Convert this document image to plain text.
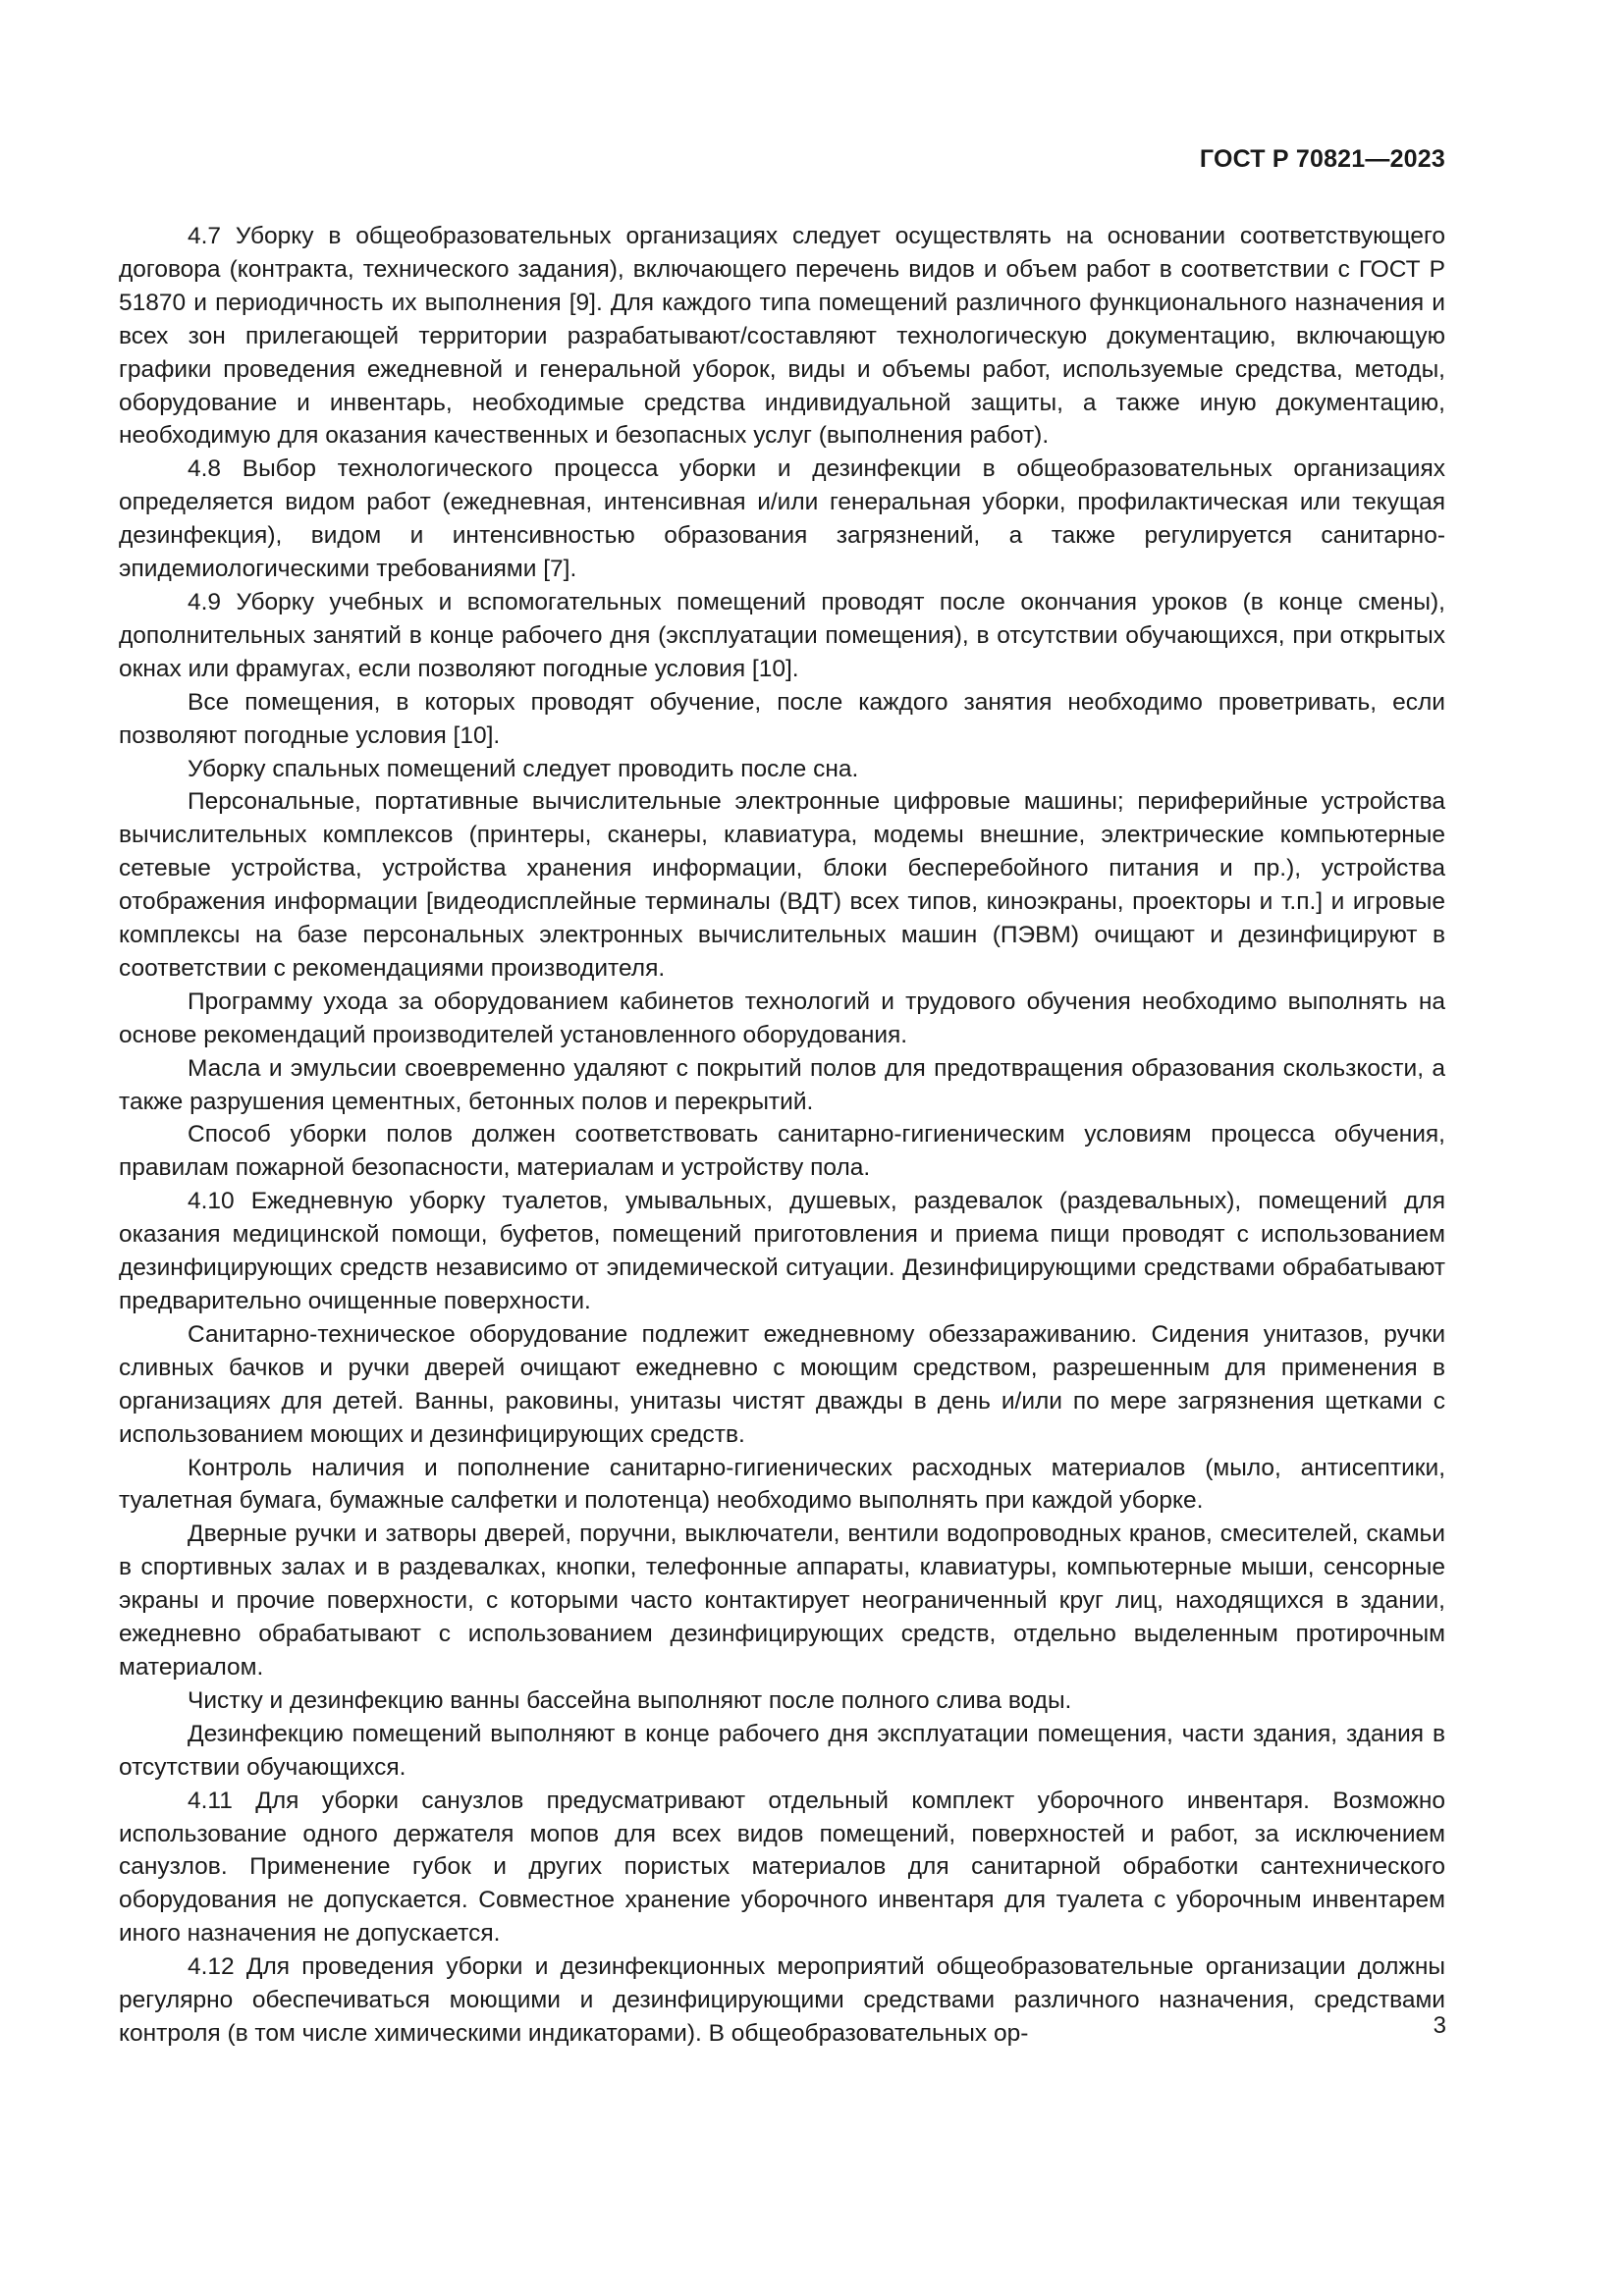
ГОСТ Р 70821—2023

4.7 Уборку в общеобразовательных организациях следует осуществлять на основании соответствующего договора (контракта, технического задания), включающего перечень видов и объем работ в соответствии с ГОСТ Р 51870 и периодичность их выполнения [9]. Для каждого типа помещений различного функционального назначения и всех зон прилегающей территории разрабатывают/составляют технологическую документацию, включающую графики проведения ежедневной и генеральной уборок, виды и объемы работ, используемые средства, методы, оборудование и инвентарь, необходимые средства индивидуальной защиты, а также иную документацию, необходимую для оказания качественных и безопасных услуг (выполнения работ).

4.8 Выбор технологического процесса уборки и дезинфекции в общеобразовательных организациях определяется видом работ (ежедневная, интенсивная и/или генеральная уборки, профилактическая или текущая дезинфекция), видом и интенсивностью образования загрязнений, а также регулируется санитарно-эпидемиологическими требованиями [7].

4.9 Уборку учебных и вспомогательных помещений проводят после окончания уроков (в конце смены), дополнительных занятий в конце рабочего дня (эксплуатации помещения), в отсутствии обучающихся, при открытых окнах или фрамугах, если позволяют погодные условия [10].

Все помещения, в которых проводят обучение, после каждого занятия необходимо проветривать, если позволяют погодные условия [10].

Уборку спальных помещений следует проводить после сна.

Персональные, портативные вычислительные электронные цифровые машины; периферийные устройства вычислительных комплексов (принтеры, сканеры, клавиатура, модемы внешние, электрические компьютерные сетевые устройства, устройства хранения информации, блоки бесперебойного питания и пр.), устройства отображения информации [видеодисплейные терминалы (ВДТ) всех типов, киноэкраны, проекторы и т.п.] и игровые комплексы на базе персональных электронных вычислительных машин (ПЭВМ) очищают и дезинфицируют в соответствии с рекомендациями производителя.

Программу ухода за оборудованием кабинетов технологий и трудового обучения необходимо выполнять на основе рекомендаций производителей установленного оборудования.

Масла и эмульсии своевременно удаляют с покрытий полов для предотвращения образования скользкости, а также разрушения цементных, бетонных полов и перекрытий.

Способ уборки полов должен соответствовать санитарно-гигиеническим условиям процесса обучения, правилам пожарной безопасности, материалам и устройству пола.

4.10 Ежедневную уборку туалетов, умывальных, душевых, раздевалок (раздевальных), помещений для оказания медицинской помощи, буфетов, помещений приготовления и приема пищи проводят с использованием дезинфицирующих средств независимо от эпидемической ситуации. Дезинфицирующими средствами обрабатывают предварительно очищенные поверхности.

Санитарно-техническое оборудование подлежит ежедневному обеззараживанию. Сидения унитазов, ручки сливных бачков и ручки дверей очищают ежедневно с моющим средством, разрешенным для применения в организациях для детей. Ванны, раковины, унитазы чистят дважды в день и/или по мере загрязнения щетками с использованием моющих и дезинфицирующих средств.

Контроль наличия и пополнение санитарно-гигиенических расходных материалов (мыло, антисептики, туалетная бумага, бумажные салфетки и полотенца) необходимо выполнять при каждой уборке.

Дверные ручки и затворы дверей, поручни, выключатели, вентили водопроводных кранов, смесителей, скамьи в спортивных залах и в раздевалках, кнопки, телефонные аппараты, клавиатуры, компьютерные мыши, сенсорные экраны и прочие поверхности, с которыми часто контактирует неограниченный круг лиц, находящихся в здании, ежедневно обрабатывают с использованием дезинфицирующих средств, отдельно выделенным протирочным материалом.

Чистку и дезинфекцию ванны бассейна выполняют после полного слива воды.

Дезинфекцию помещений выполняют в конце рабочего дня эксплуатации помещения, части здания, здания в отсутствии обучающихся.

4.11 Для уборки санузлов предусматривают отдельный комплект уборочного инвентаря. Возможно использование одного держателя мопов для всех видов помещений, поверхностей и работ, за исключением санузлов. Применение губок и других пористых материалов для санитарной обработки сантехнического оборудования не допускается. Совместное хранение уборочного инвентаря для туалета с уборочным инвентарем иного назначения не допускается.

4.12 Для проведения уборки и дезинфекционных мероприятий общеобразовательные организации должны регулярно обеспечиваться моющими и дезинфицирующими средствами различного назначения, средствами контроля (в том числе химическими индикаторами). В общеобразовательных ор-	3
